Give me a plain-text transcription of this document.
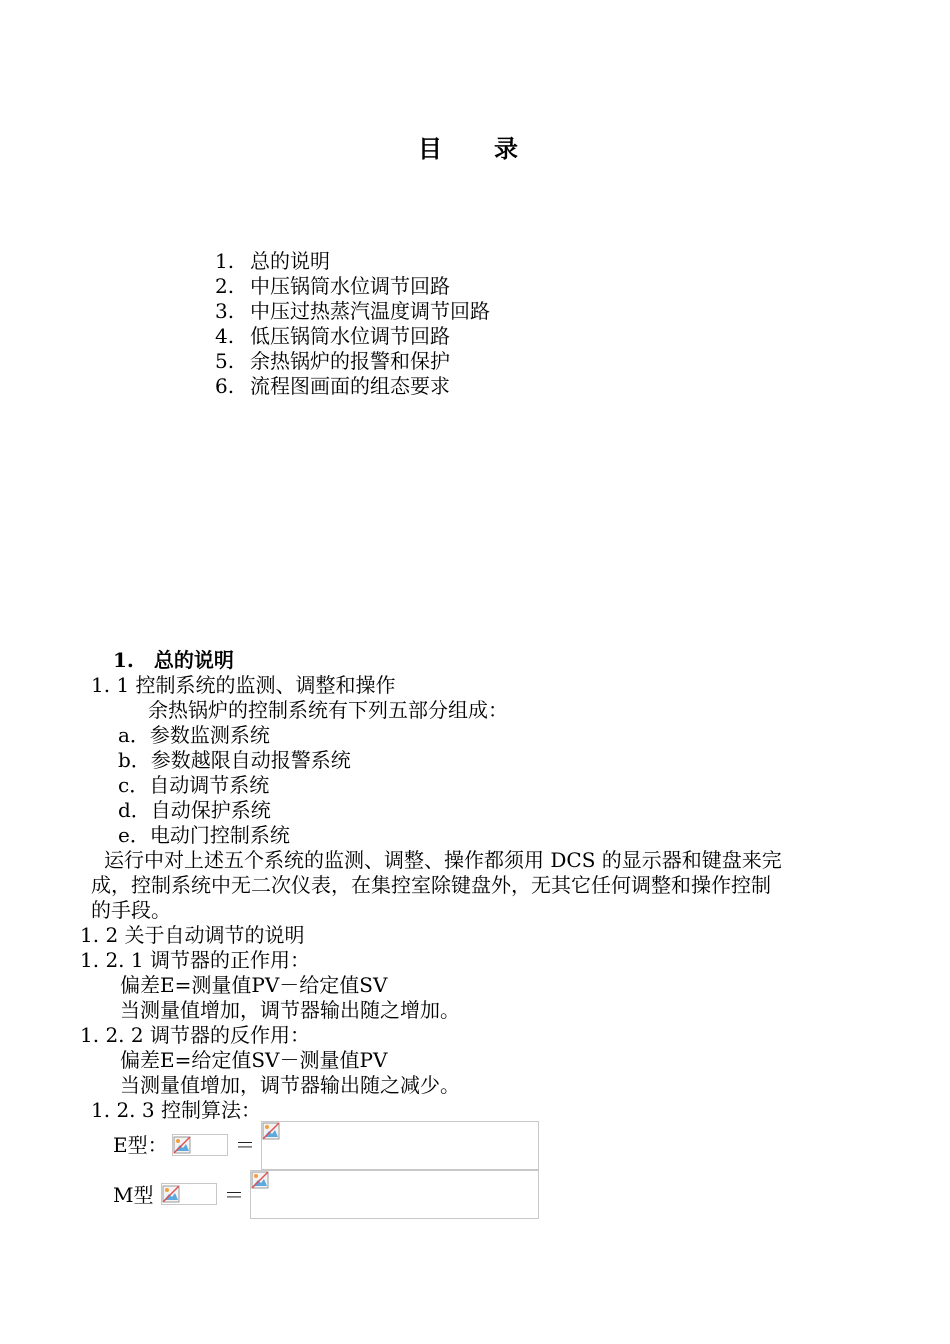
目　录
1. 总的说明
2. 中压锅筒水位调节回路
3. 中压过热蒸汽温度调节回路
4. 低压锅筒水位调节回路
5. 余热锅炉的报警和保护
6. 流程图画面的组态要求
1.　总的说明
1. 1 控制系统的监测、调整和操作
余热锅炉的控制系统有下列五部分组成：
a．参数监测系统
b．参数越限自动报警系统
c．自动调节系统
d．自动保护系统
e．电动门控制系统
运行中对上述五个系统的监测、调整、操作都须用 DCS 的显示器和键盘来完
成，控制系统中无二次仪表，在集控室除键盘外，无其它任何调整和操作控制
的手段。
1. 2 关于自动调节的说明
1. 2. 1 调节器的正作用：
偏差E=测量值PV－给定值SV
当测量值增加，调节器输出随之增加。
1. 2. 2 调节器的反作用：
偏差E=给定值SV－测量值PV
当测量值增加，调节器输出随之减少。
1. 2. 3 控制算法：
E型：	＝
M型	＝
